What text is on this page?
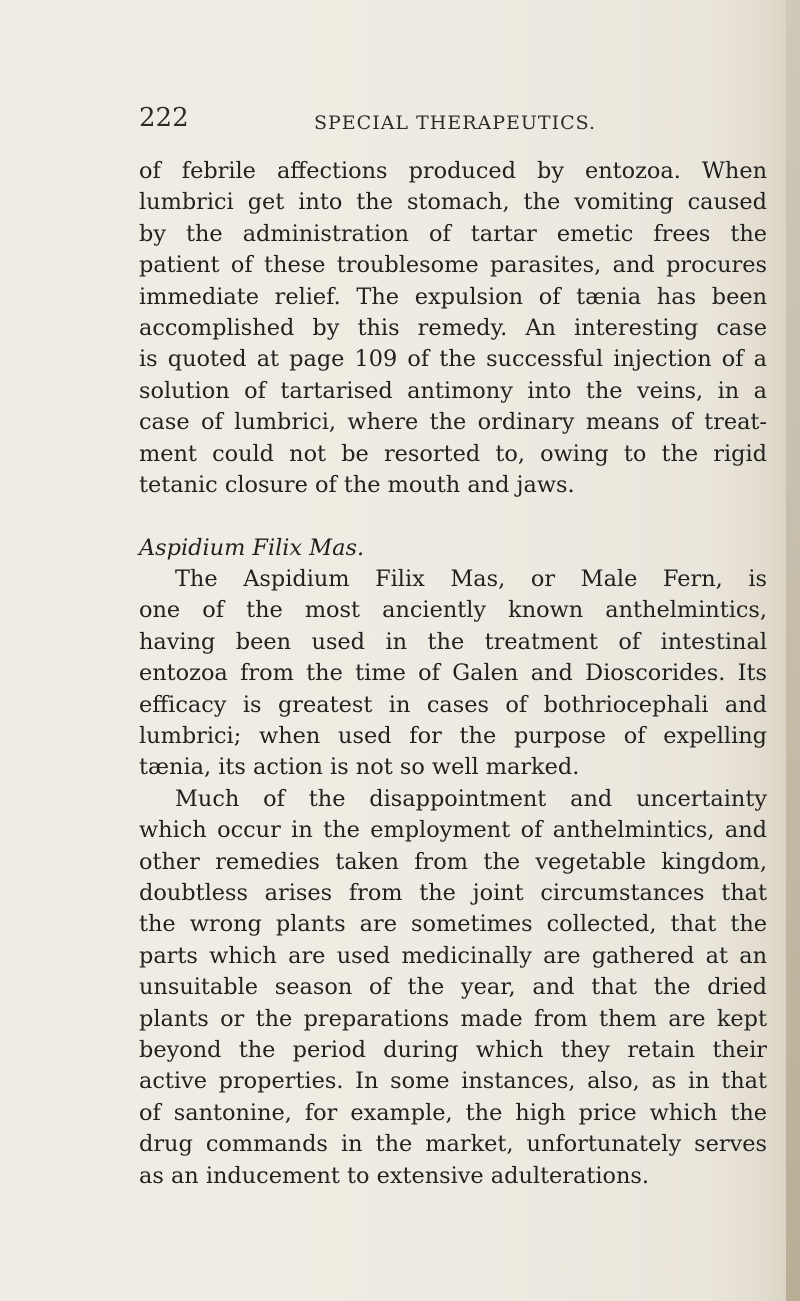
222	SPECIAL THERAPEUTICS.
of febrile affections produced by entozoa. When
lumbrici get into the stomach, the vomiting caused
by the administration of tartar emetic frees the
patient of these troublesome parasites, and procures
immediate relief. The expulsion of tænia has been
accomplished by this remedy. An interesting case
is quoted at page 109 of the successful injection of a
solution of tartarised antimony into the veins, in a
case of lumbrici, where the ordinary means of treat-
ment could not be resorted to, owing to the rigid
tetanic closure of the mouth and jaws.
Aspidium Filix Mas.
The Aspidium Filix Mas, or Male Fern, is
one of the most anciently known anthelmintics,
having been used in the treatment of intestinal
entozoa from the time of Galen and Dioscorides. Its
efficacy is greatest in cases of bothriocephali and
lumbrici; when used for the purpose of expelling
tænia, its action is not so well marked.
Much of the disappointment and uncertainty
which occur in the employment of anthelmintics, and
other remedies taken from the vegetable kingdom,
doubtless arises from the joint circumstances that
the wrong plants are sometimes collected, that the
parts which are used medicinally are gathered at an
unsuitable season of the year, and that the dried
plants or the preparations made from them are kept
beyond the period during which they retain their
active properties. In some instances, also, as in that
of santonine, for example, the high price which the
drug commands in the market, unfortunately serves
as an inducement to extensive adulterations.
